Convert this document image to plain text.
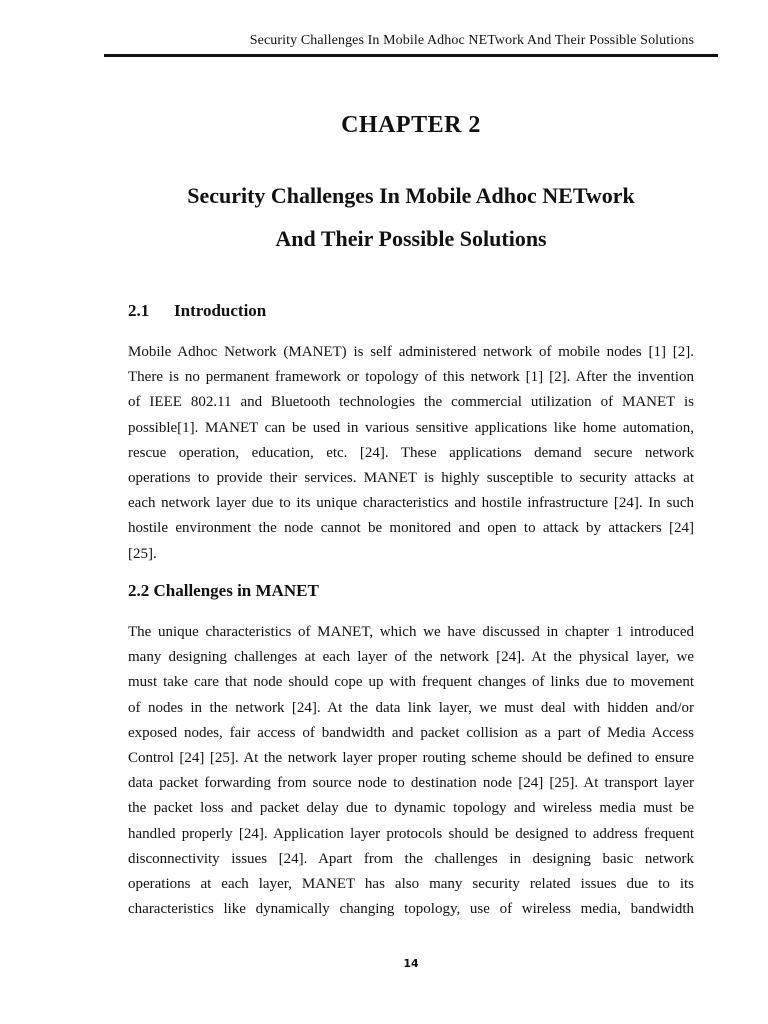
Security Challenges In Mobile Adhoc NETwork And Their Possible Solutions
CHAPTER 2
Security Challenges In Mobile Adhoc NETwork
And Their Possible Solutions
2.1 Introduction
Mobile Adhoc Network (MANET) is self administered network of mobile nodes [1] [2].
There is no permanent framework or topology of this network [1] [2]. After the invention
of IEEE 802.11 and Bluetooth technologies the commercial utilization of MANET is
possible[1]. MANET can be used in various sensitive applications like home automation,
rescue operation, education, etc. [24]. These applications demand secure network
operations to provide their services. MANET is highly susceptible to security attacks at
each network layer due to its unique characteristics and hostile infrastructure [24]. In such
hostile environment the node cannot be monitored and open to attack by attackers [24]
[25].
2.2 Challenges in MANET
The unique characteristics of MANET, which we have discussed in chapter 1 introduced
many designing challenges at each layer of the network [24]. At the physical layer, we
must take care that node should cope up with frequent changes of links due to movement
of nodes in the network [24]. At the data link layer, we must deal with hidden and/or
exposed nodes, fair access of bandwidth and packet collision as a part of Media Access
Control [24] [25]. At the network layer proper routing scheme should be defined to ensure
data packet forwarding from source node to destination node [24] [25]. At transport layer
the packet loss and packet delay due to dynamic topology and wireless media must be
handled properly [24]. Application layer protocols should be designed to address frequent
disconnectivity issues [24]. Apart from the challenges in designing basic network
operations at each layer, MANET has also many security related issues due to its
characteristics like dynamically changing topology, use of wireless media, bandwidth
14
